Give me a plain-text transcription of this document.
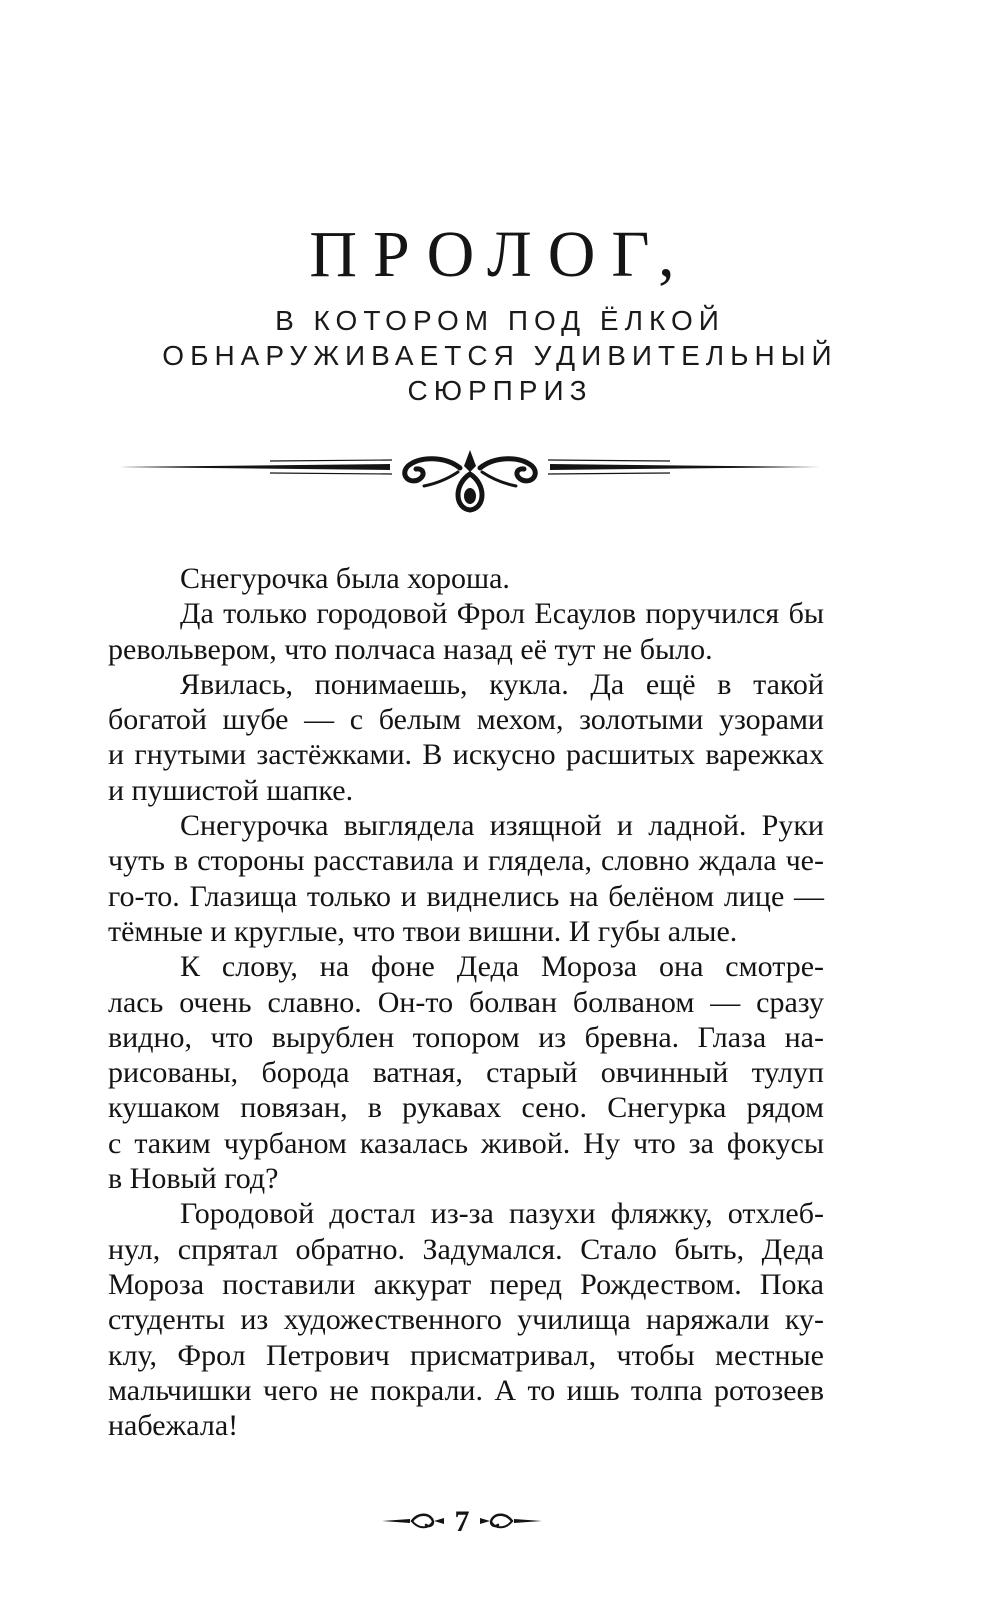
ПРОЛОГ,
В КОТОРОМ ПОД ЁЛКОЙ
ОБНАРУЖИВАЕТСЯ УДИВИТЕЛЬНЫЙ
СЮРПРИЗ
Снегурочка была хороша.
Да только городовой Фрол Есаулов поручился бы
револьвером, что полчаса назад её тут не было.
Явилась, понимаешь, кукла. Да ещё в такой
богатой шубе — с белым мехом, золотыми узорами
и гнутыми застёжками. В искусно расшитых варежках
и пушистой шапке.
Снегурочка выглядела изящной и ладной. Руки
чуть в стороны расставила и глядела, словно ждала че-
го-то. Глазища только и виднелись на белёном лице —
тёмные и круглые, что твои вишни. И губы алые.
К слову, на фоне Деда Мороза она смотре-
лась очень славно. Он-то болван болваном — сразу
видно, что вырублен топором из бревна. Глаза на-
рисованы, борода ватная, старый овчинный тулуп
кушаком повязан, в рукавах сено. Снегурка рядом
с таким чурбаном казалась живой. Ну что за фокусы
в Новый год?
Городовой достал из-за пазухи фляжку, отхлеб-
нул, спрятал обратно. Задумался. Стало быть, Деда
Мороза поставили аккурат перед Рождеством. Пока
студенты из художественного училища наряжали ку-
клу, Фрол Петрович присматривал, чтобы местные
мальчишки чего не покрали. А то ишь толпа ротозеев
набежала!
7
